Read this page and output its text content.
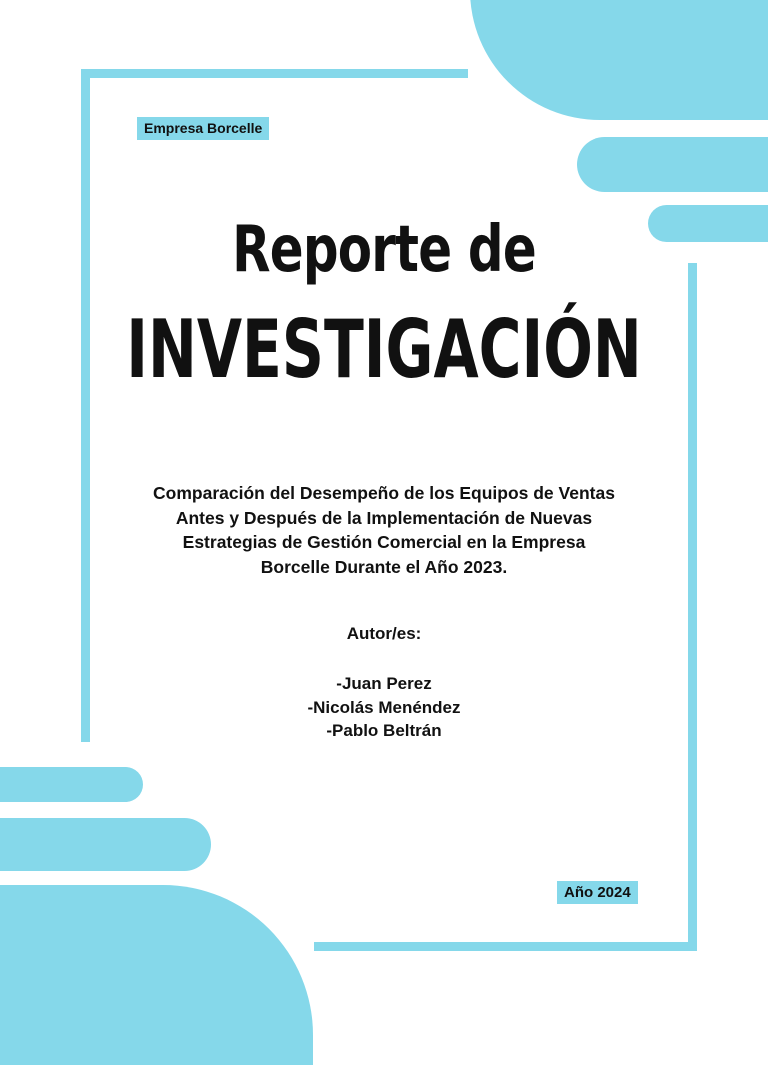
Empresa Borcelle
Reporte de
INVESTIGACIÓN
Comparación del Desempeño de los Equipos de Ventas Antes y Después de la Implementación de Nuevas Estrategias de Gestión Comercial en la Empresa Borcelle Durante el Año 2023.
Autor/es:
-Juan Perez
-Nicolás Menéndez
-Pablo Beltrán
Año 2024
